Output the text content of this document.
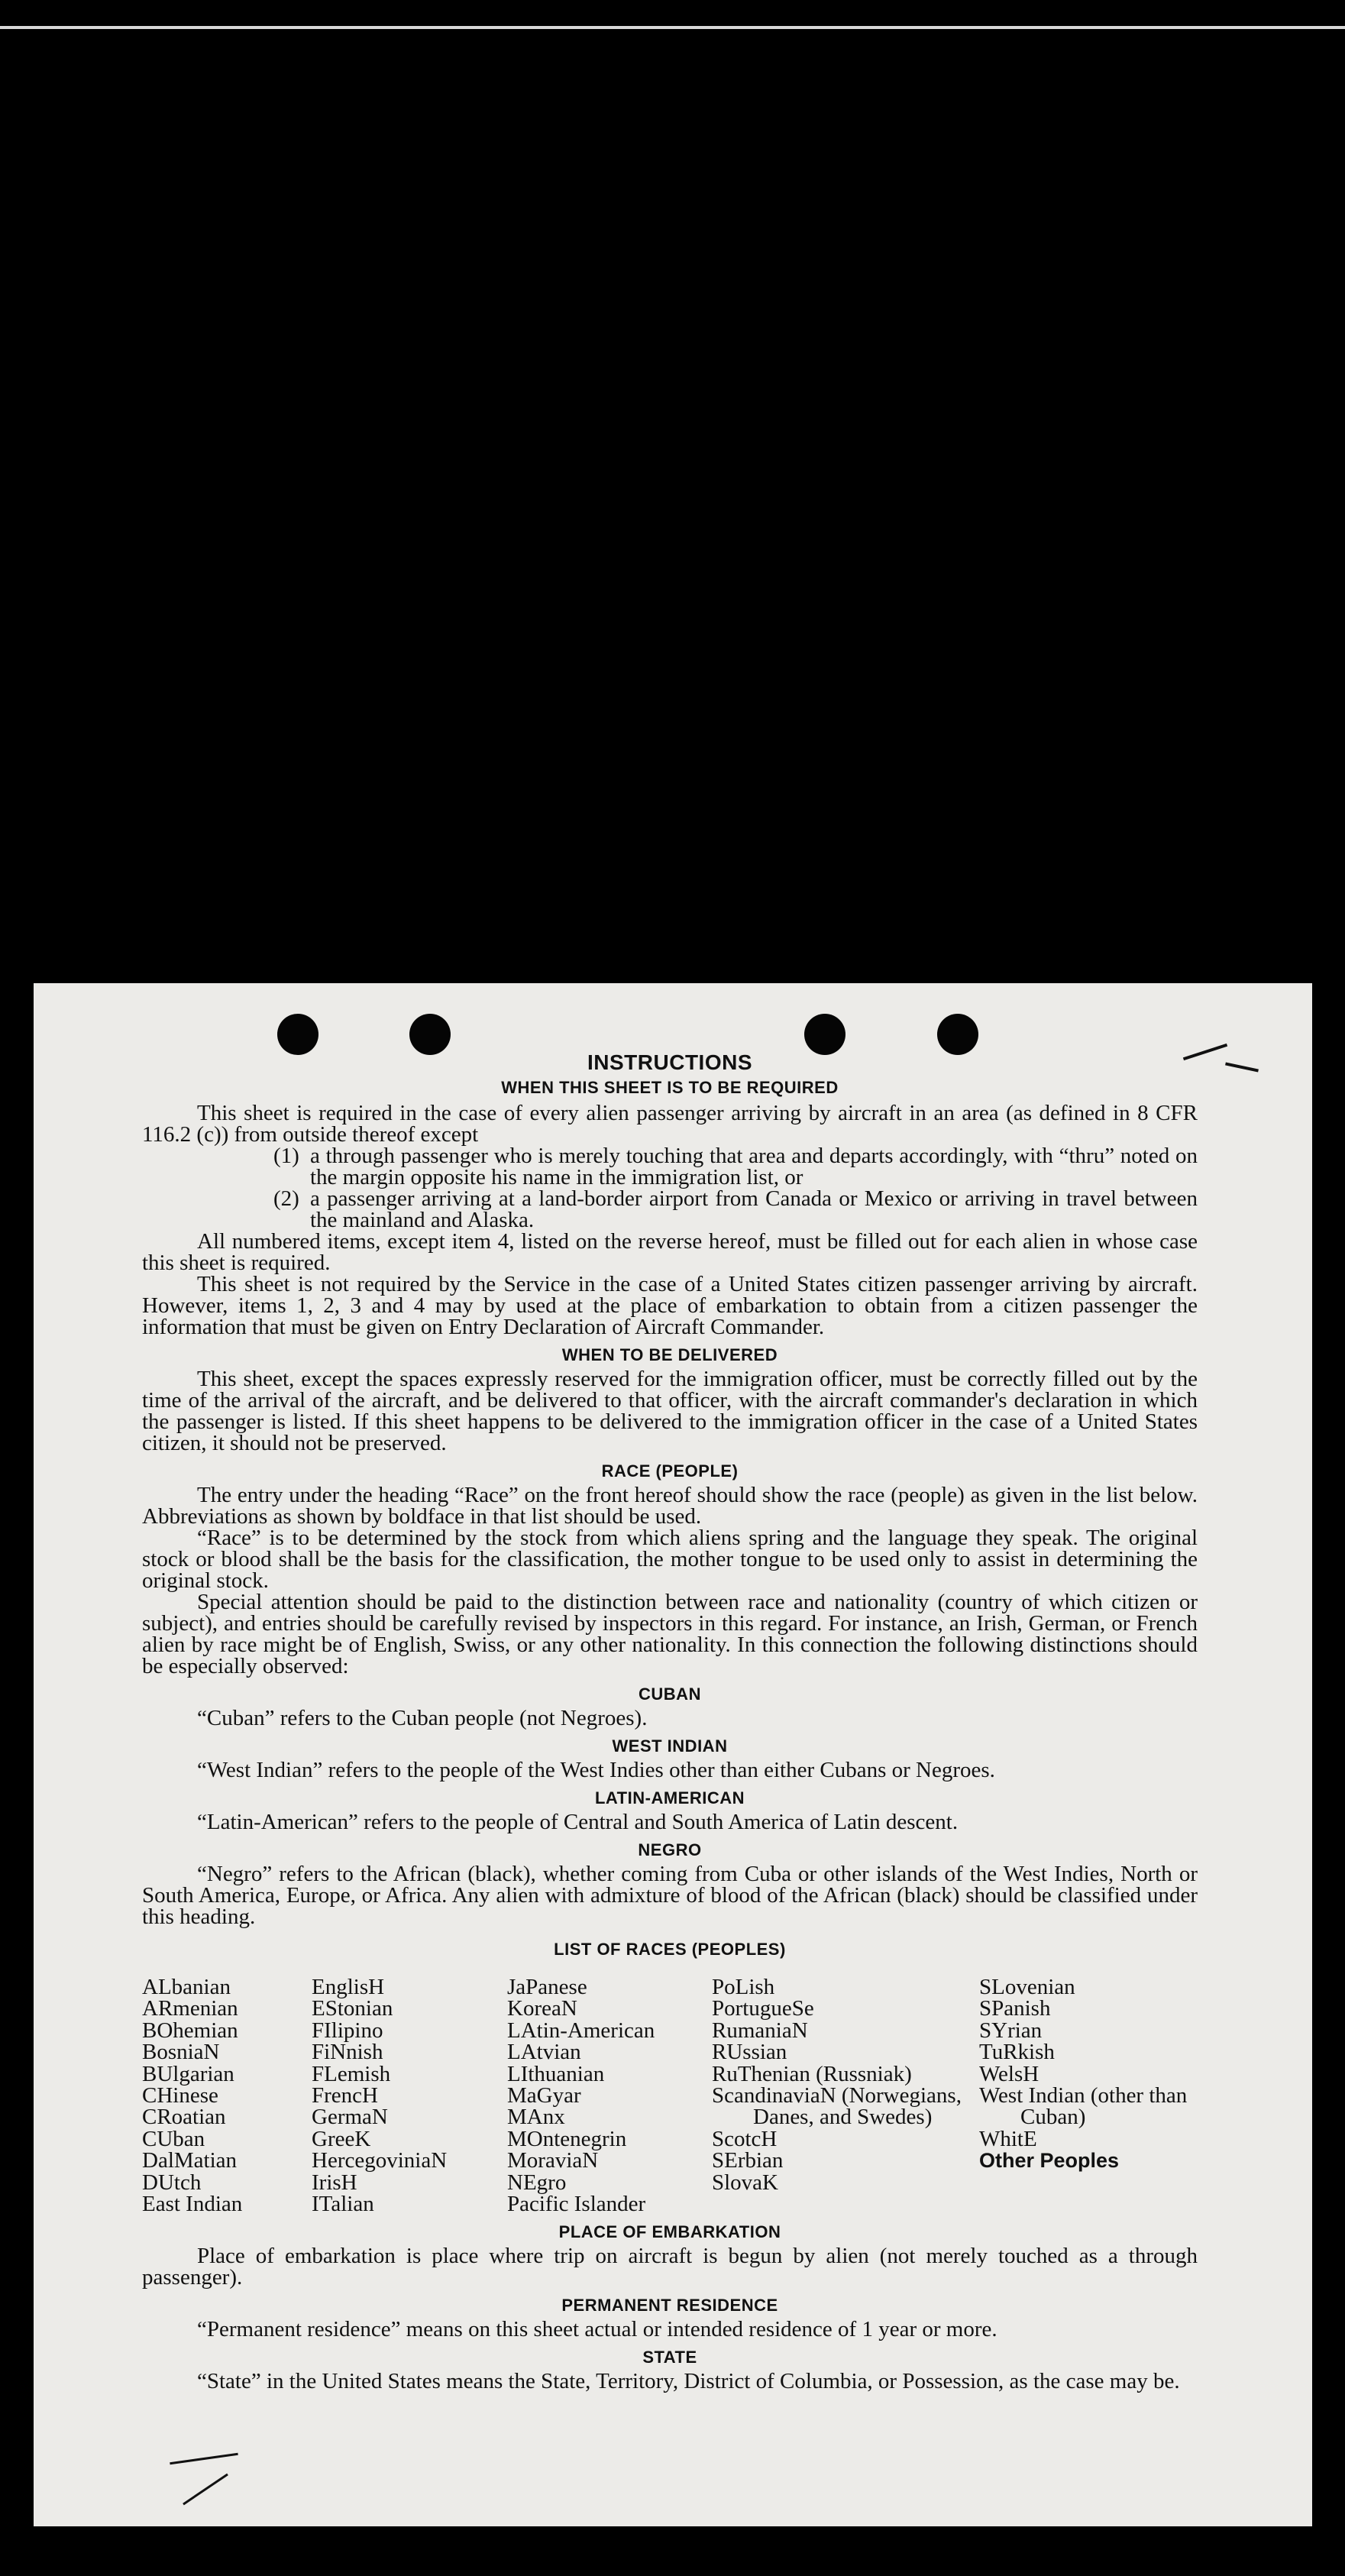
INSTRUCTIONS
WHEN THIS SHEET IS TO BE REQUIRED

This sheet is required in the case of every alien passenger arriving by aircraft in an area (as defined in 8 CFR 116.2 (c)) from outside thereof except

(1) a through passenger who is merely touching that area and departs accordingly, with “thru” noted on the margin opposite his name in the immigration list, or
(2) a passenger arriving at a land-border airport from Canada or Mexico or arriving in travel between the mainland and Alaska.

All numbered items, except item 4, listed on the reverse hereof, must be filled out for each alien in whose case this sheet is required.

This sheet is not required by the Service in the case of a United States citizen passenger arriving by aircraft. However, items 1, 2, 3 and 4 may by used at the place of embarkation to obtain from a citizen passenger the information that must be given on Entry Declaration of Aircraft Commander.

WHEN TO BE DELIVERED

This sheet, except the spaces expressly reserved for the immigration officer, must be correctly filled out by the time of the arrival of the aircraft, and be delivered to that officer, with the aircraft commander's declaration in which the passenger is listed. If this sheet happens to be delivered to the immigration officer in the case of a United States citizen, it should not be preserved.

RACE (PEOPLE)

The entry under the heading “Race” on the front hereof should show the race (people) as given in the list below. Abbreviations as shown by boldface in that list should be used.

“Race” is to be determined by the stock from which aliens spring and the language they speak. The original stock or blood shall be the basis for the classification, the mother tongue to be used only to assist in determining the original stock.

Special attention should be paid to the distinction between race and nationality (country of which citizen or subject), and entries should be carefully revised by inspectors in this regard. For instance, an Irish, German, or French alien by race might be of English, Swiss, or any other nationality. In this connection the following distinctions should be especially observed:

CUBAN

“Cuban” refers to the Cuban people (not Negroes).

WEST INDIAN

“West Indian” refers to the people of the West Indies other than either Cubans or Negroes.

LATIN-AMERICAN

“Latin-American” refers to the people of Central and South America of Latin descent.

NEGRO

“Negro” refers to the African (black), whether coming from Cuba or other islands of the West Indies, North or South America, Europe, or Africa. Any alien with admixture of blood of the African (black) should be classified under this heading.

LIST OF RACES (PEOPLES)
ALbanian
ARmenian
BOhemian
BosniaN
BUlgarian
CHinese
CRoatian
CUban
DalMatian
DUtch
East Indian
EnglisH
EStonian
FIlipino
FiNnish
FLemish
FrencH
GermaN
GreeK
HercegoviniaN
IrisH
ITalian
JaPanese
KoreaN
LAtin-American
LAtvian
LIthuanian
MaGyar
MAnx
MOntenegrin
MoraviaN
NEgro
Pacific Islander
PoLish
PortugueSe
RumaniaN
RUssian
RuThenian (Russniak)
ScandinaviaN (Norwegians, Danes, and Swedes)
ScotcH
SErbian
SlovaK
SLovenian
SPanish
SYrian
TuRkish
WelsH
West Indian (other than Cuban)
WhitE
Other Peoples
PLACE OF EMBARKATION

Place of embarkation is place where trip on aircraft is begun by alien (not merely touched as a through passenger).

PERMANENT RESIDENCE

“Permanent residence” means on this sheet actual or intended residence of 1 year or more.

STATE

“State” in the United States means the State, Territory, District of Columbia, or Possession, as the case may be.
